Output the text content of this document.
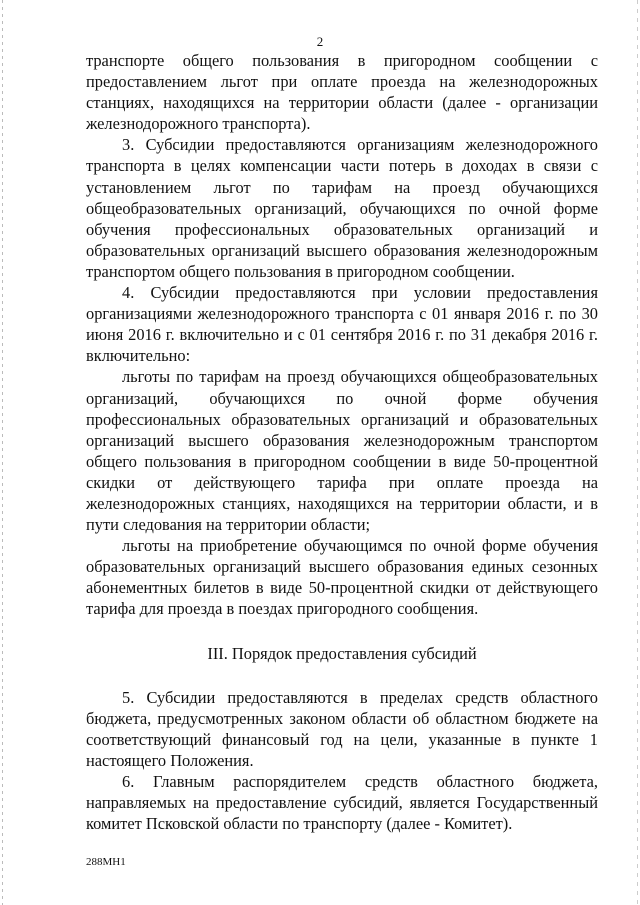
2

транспорте общего пользования в пригородном сообщении с предоставлением льгот при оплате проезда на железнодорожных станциях, находящихся на территории области (далее - организации железнодорожного транспорта).

3. Субсидии предоставляются организациям железнодорожного транспорта в целях компенсации части потерь в доходах в связи с установлением льгот по тарифам на проезд обучающихся общеобразовательных организаций, обучающихся по очной форме обучения профессиональных образовательных организаций и образовательных организаций высшего образования железнодорожным транспортом общего пользования в пригородном сообщении.

4. Субсидии предоставляются при условии предоставления организациями железнодорожного транспорта с 01 января 2016 г. по 30 июня 2016 г. включительно и с 01 сентября 2016 г. по 31 декабря 2016 г. включительно:

льготы по тарифам на проезд обучающихся общеобразовательных организаций, обучающихся по очной форме обучения профессиональных образовательных организаций и образовательных организаций высшего образования железнодорожным транспортом общего пользования в пригородном сообщении в виде 50-процентной скидки от действующего тарифа при оплате проезда на железнодорожных станциях, находящихся на территории области, и в пути следования на территории области;

льготы на приобретение обучающимся по очной форме обучения образовательных организаций высшего образования единых сезонных абонементных билетов в виде 50-процентной скидки от действующего тарифа для проезда в поездах пригородного сообщения.

III. Порядок предоставления субсидий

5. Субсидии предоставляются в пределах средств областного бюджета, предусмотренных законом области об областном бюджете на соответствующий финансовый год на цели, указанные в пункте 1 настоящего Положения.

6. Главным распорядителем средств областного бюджета, направляемых на предоставление субсидий, является Государственный комитет Псковской области по транспорту (далее - Комитет).

288МН1
